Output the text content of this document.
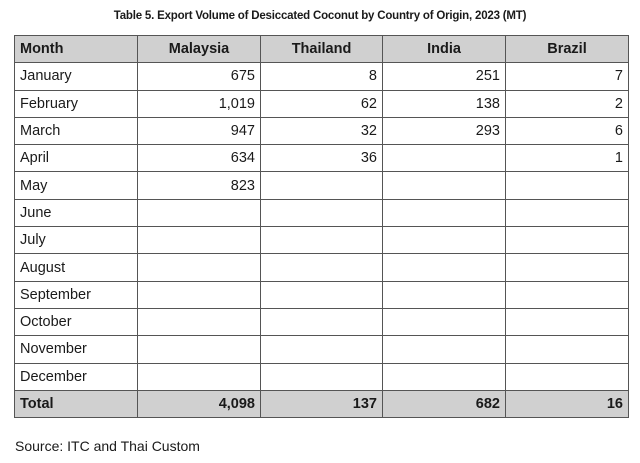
Table 5. Export Volume of Desiccated Coconut by Country of Origin, 2023 (MT)
Month	Malaysia	Thailand	India	Brazil
January	675	8	251	7
February	1,019	62	138	2
March	947	32	293	6
April	634	36		1
May	823			
June				
July				
August				
September				
October				
November				
December				
Total	4,098	137	682	16
Source: ITC and Thai Custom
